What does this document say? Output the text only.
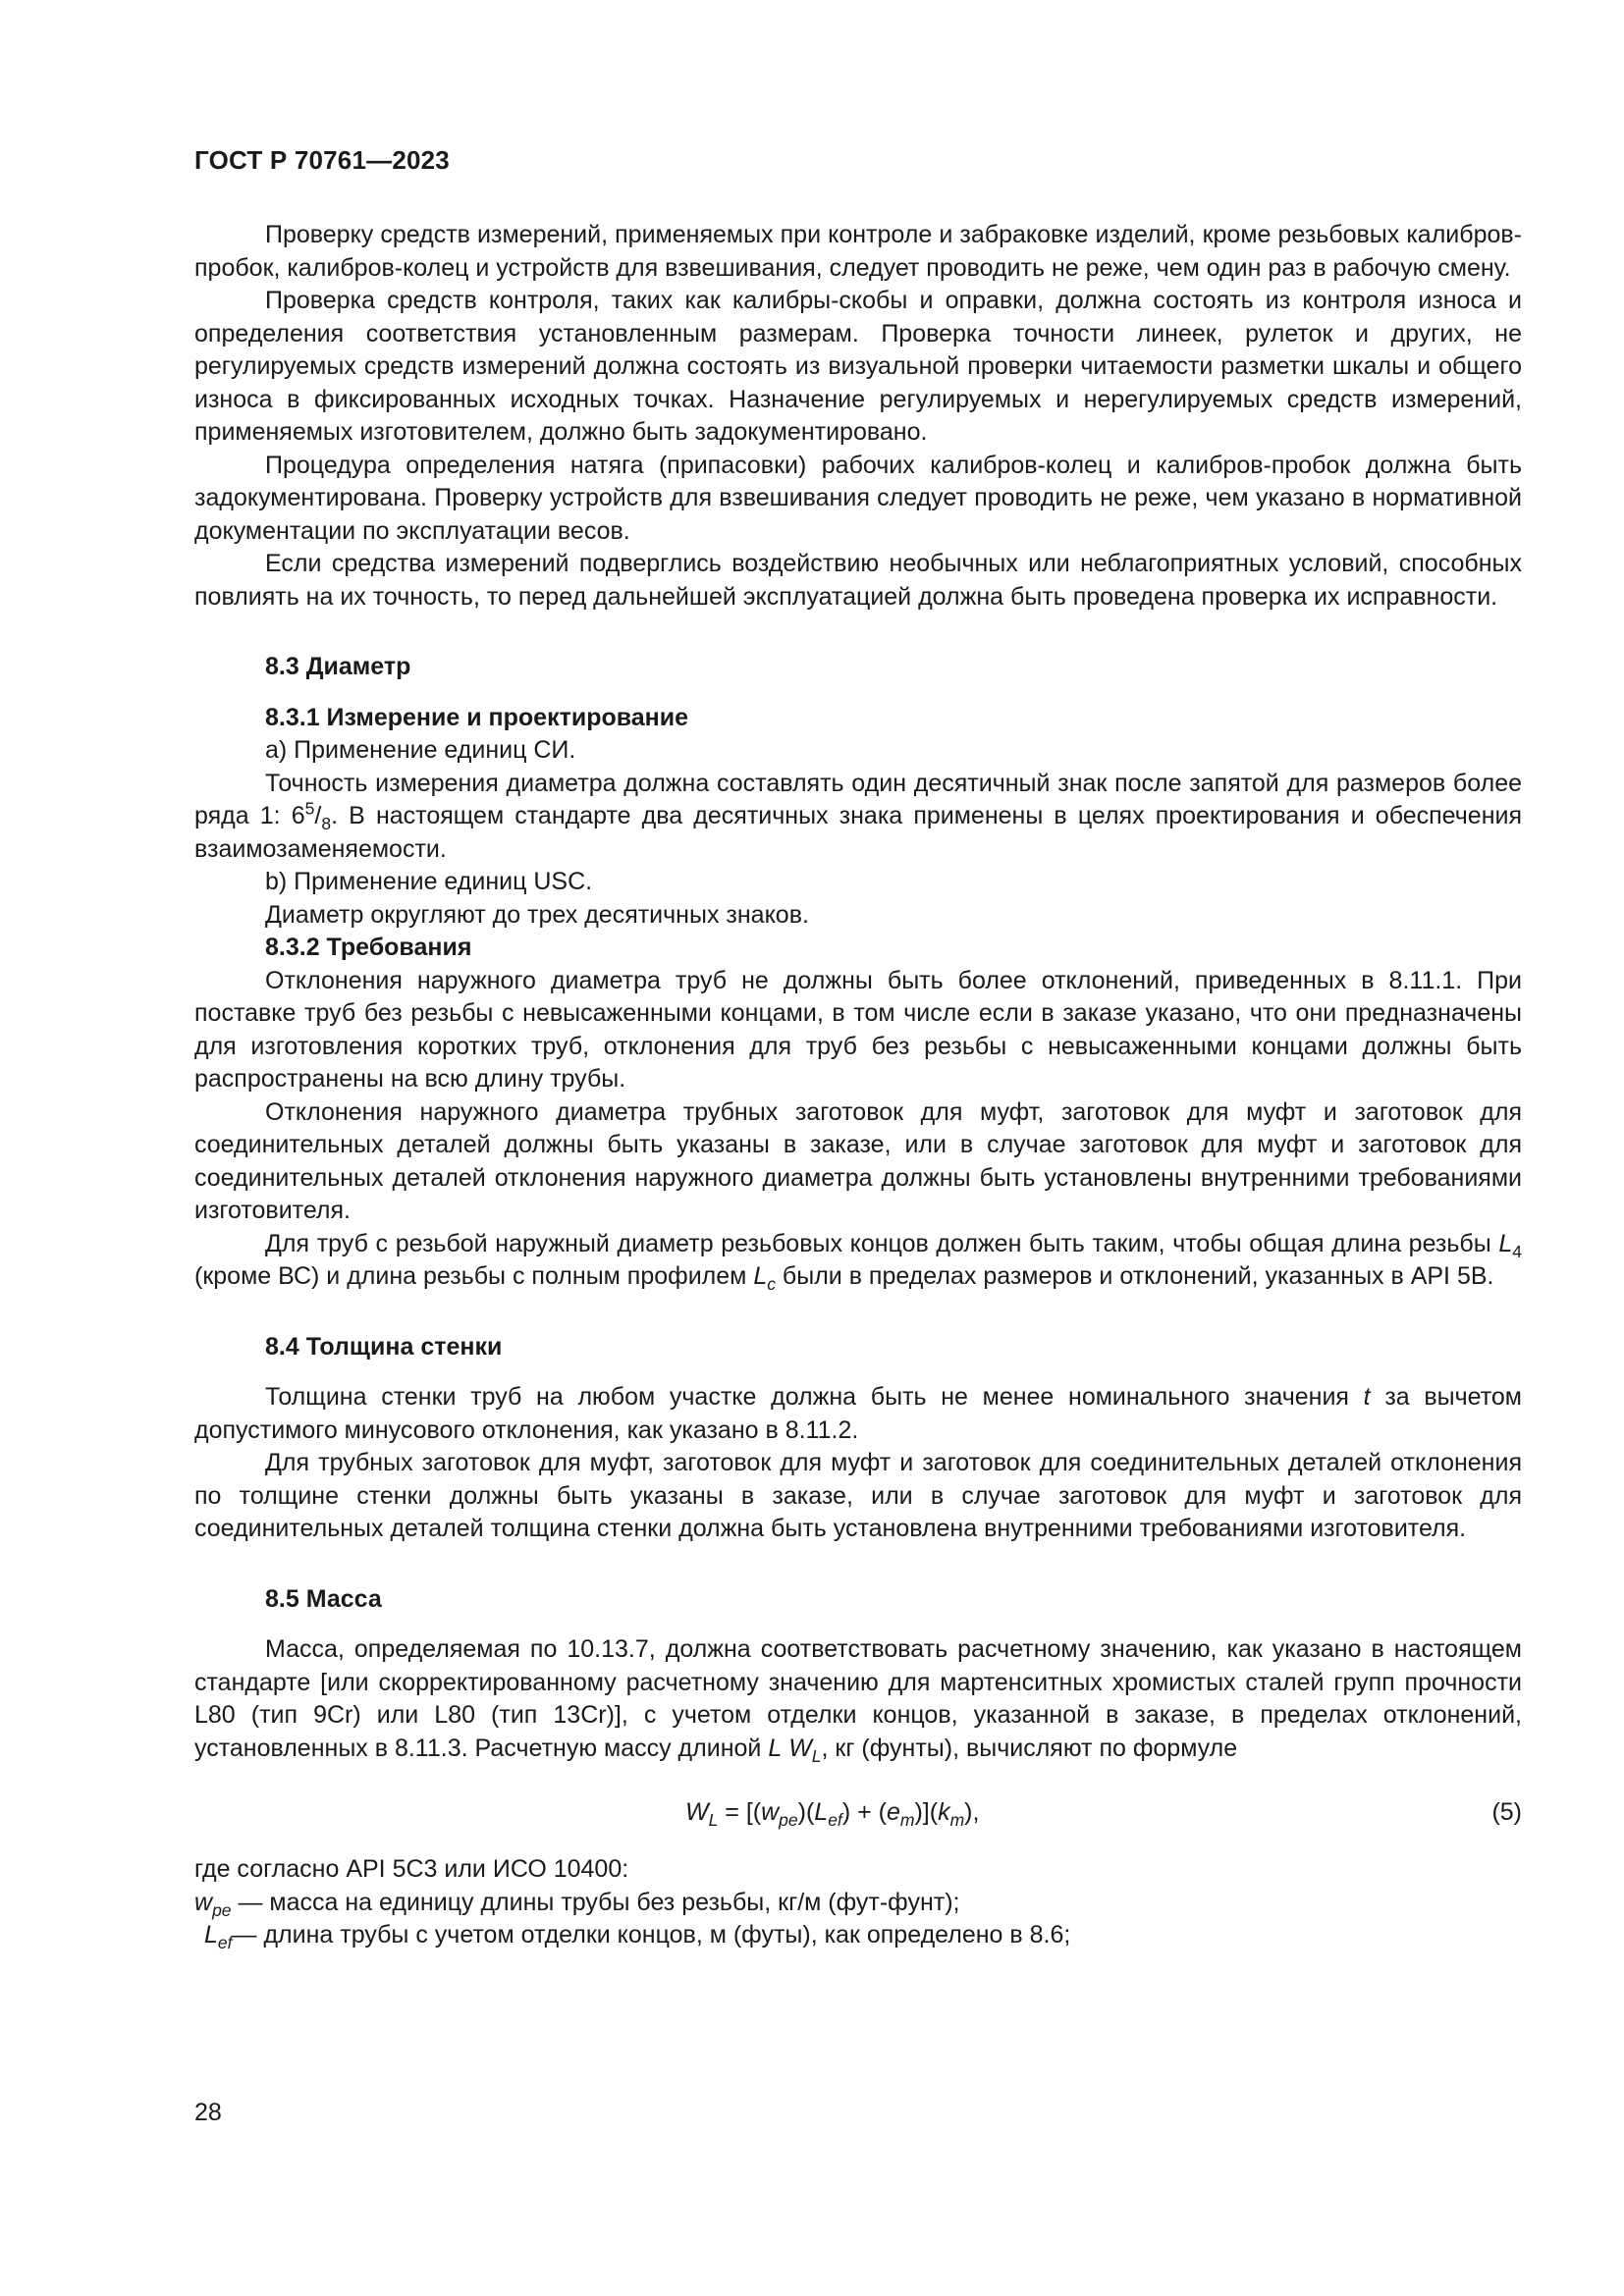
ГОСТ Р 70761—2023

Проверку средств измерений, применяемых при контроле и забраковке изделий, кроме резьбовых калибров-пробок, калибров-колец и устройств для взвешивания, следует проводить не реже, чем один раз в рабочую смену.

Проверка средств контроля, таких как калибры-скобы и оправки, должна состоять из контроля износа и определения соответствия установленным размерам. Проверка точности линеек, рулеток и других, не регулируемых средств измерений должна состоять из визуальной проверки читаемости разметки шкалы и общего износа в фиксированных исходных точках. Назначение регулируемых и нерегулируемых средств измерений, применяемых изготовителем, должно быть задокументировано.

Процедура определения натяга (припасовки) рабочих калибров-колец и калибров-пробок должна быть задокументирована. Проверку устройств для взвешивания следует проводить не реже, чем указано в нормативной документации по эксплуатации весов.

Если средства измерений подверглись воздействию необычных или неблагоприятных условий, способных повлиять на их точность, то перед дальнейшей эксплуатацией должна быть проведена проверка их исправности.

8.3 Диаметр
8.3.1 Измерение и проектирование

a) Применение единиц СИ.

Точность измерения диаметра должна составлять один десятичный знак после запятой для размеров более ряда 1: $6^5/_8$. В настоящем стандарте два десятичных знака применены в целях проектирования и обеспечения взаимозаменяемости.

b) Применение единиц USC.

Диаметр округляют до трех десятичных знаков.

8.3.2 Требования

Отклонения наружного диаметра труб не должны быть более отклонений, приведенных в 8.11.1. При поставке труб без резьбы с невысаженными концами, в том числе если в заказе указано, что они предназначены для изготовления коротких труб, отклонения для труб без резьбы с невысаженными концами должны быть распространены на всю длину трубы.

Отклонения наружного диаметра трубных заготовок для муфт, заготовок для муфт и заготовок для соединительных деталей должны быть указаны в заказе, или в случае заготовок для муфт и заготовок для соединительных деталей отклонения наружного диаметра должны быть установлены внутренними требованиями изготовителя.

Для труб с резьбой наружный диаметр резьбовых концов должен быть таким, чтобы общая длина резьбы $L_4$ (кроме ВС) и длина резьбы с полным профилем $L_c$ были в пределах размеров и отклонений, указанных в API 5B.

8.4 Толщина стенки

Толщина стенки труб на любом участке должна быть не менее номинального значения t за вычетом допустимого минусового отклонения, как указано в 8.11.2.

Для трубных заготовок для муфт, заготовок для муфт и заготовок для соединительных деталей отклонения по толщине стенки должны быть указаны в заказе, или в случае заготовок для муфт и заготовок для соединительных деталей толщина стенки должна быть установлена внутренними требованиями изготовителя.

8.5 Масса

Масса, определяемая по 10.13.7, должна соответствовать расчетному значению, как указано в настоящем стандарте [или скорректированному расчетному значению для мартенситных хромистых сталей групп прочности L80 (тип 9Cr) или L80 (тип 13Cr)], с учетом отделки концов, указанной в заказе, в пределах отклонений, установленных в 8.11.3. Расчетную массу длиной L $W_L$, кг (фунты), вычисляют по формуле

$W_L = [(w_{pe})(L_{ef}) + (e_m)](k_m)$,	(5)

где согласно API 5C3 или ИСО 10400:

$w_{pe}$ — масса на единицу длины трубы без резьбы, кг/м (фут-фунт);
$L_{ef}—$ длина трубы с учетом отделки концов, м (футы), как определено в 8.6;
28
